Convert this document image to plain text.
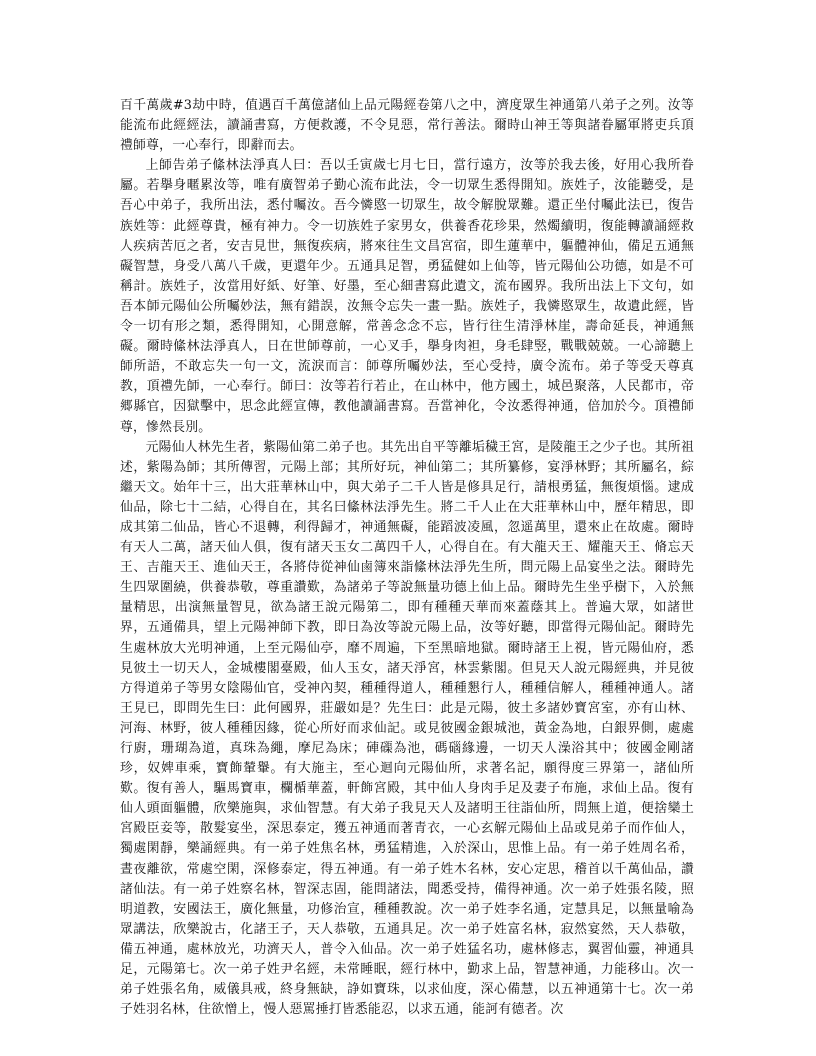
百千萬歲#3劫中時，值遇百千萬億諸仙上品元陽經卷第八之中，濟度眾生神通第八弟子之列。汝等能流布此經經法，讀誦書寫，方便救護，不令見惡，常行善法。爾時山神王等與諸眷屬軍將吏兵頂禮師尊，一心奉行，即辭而去。

上師告弟子絛林法淨真人曰：吾以壬寅歲七月七日，當行遠方，汝等於我去後，好用心我所眷屬。若擧身暱累汝等，唯有廣智弟子勤心流布此法，令一切眾生悉得開知。族姓子，汝能聽受，是吾心中弟子，我所出法，悉付囑汝。吾今憐愍一切眾生，故令解脫眾難。還正坐付囑此法已，復告族姓等：此經尊貴，極有神力。令一切族姓子家男女，供養香花珍果，然燭續明，復能轉讀誦經救人疾病苦厄之者，安吉見世，無復疾病，將來往生文昌宮宿，即生蓮華中，軀體神仙，備足五通無礙智慧，身受八萬八千歲，更還年少。五通具足智，勇猛健如上仙等，皆元陽仙公功德，如是不可稱計。族姓子，汝當用好紙、好筆、好墨，至心細書寫此遺文，流布國界。我所出法上下文句，如吾本師元陽仙公所囑妙法，無有錯誤，汝無令忘失一畫一點。族姓子，我憐愍眾生，故遺此經，皆令一切有形之類，悉得開知，心開意解，常善念念不忘，皆行往生清淨林崖，壽命延長，神通無礙。爾時絛林法淨真人，日在世師尊前，一心叉手，擧身肉袒，身毛肆竪，戰戰兢兢。一心諦聽上師所語，不敢忘失一句一文，流淚而言：師尊所囑妙法，至心受持，廣令流布。弟子等受天尊真教，頂禮先師，一心奉行。師曰：汝等若行若止，在山林中，他方國土，城邑聚落，人民都市，帝郷縣官，因獄擊中，思念此經宣傳，教他讀誦書寫。吾當神化，令汝悉得神通，倍加於今。頂禮師尊，慘然長別。

元陽仙人林先生者，紫陽仙第二弟子也。其先出自平等離垢穢王宮，是陵龍王之少子也。其所祖述，紫陽為師；其所傳習，元陽上部；其所好玩，神仙第二；其所纂修，宴淨林野；其所屬名，綜繼天文。始年十三，出大莊華林山中，與大弟子二千人皆是修具足行，請根勇猛，無復煩惱。逮成仙品，除七十二結，心得自在，其名曰絛林法淨先生。將二千人止在大莊華林山中，歷年精思，即成其第二仙品，皆心不退轉，利得歸才，神通無礙，能蹈波凌風，忽遥萬里，還來止在故處。爾時有天人二萬，諸天仙人俱，復有諸天玉女二萬四千人，心得自在。有大龍天王、耀龍天王、脩忘天王、吉龍天王、進仙天王，各將侍從神仙鹵簿來詣絛林法淨先生所，問元陽上品宴坐之法。爾時先生四眾圍繞，供養恭敬，尊重讚歎，為諸弟子等說無量功德上仙上品。爾時先生坐乎樹下，入於無量精思，出演無量智見，欲為諸王說元陽第二，即有種種天華而來蓋蔭其上。普遍大眾，如諸世界，五通備具，望上元陽神師下教，即日為汝等說元陽上品，汝等好聽，即當得元陽仙記。爾時先生處林放大光明神通，上至元陽仙亭，靡不周遍，下至黑暗地獄。爾時諸王上視，皆元陽仙府，悉見彼土一切天人，金城樓閣臺殿，仙人玉女，諸天淨宮，林雲紫閣。但見天人說元陽經典，并見彼方得道弟子等男女陰陽仙官，受神內契，種種得道人，種種懇行人，種種信解人，種種神通人。諸王見已，即問先生曰：此何國界，莊嚴如是？先生曰：此是元陽，彼土多諸妙寶宮室，亦有山林、河海、林野，彼人種種因緣，從心所好而求仙記。或見彼國金銀城池，黃金為地，白銀界側，處處行廚，珊瑚為道，真珠為繩，摩尼為床；硨磲為池，碼碯緣邊，一切天人澡浴其中；彼國金剛諸珍，奴婢車乘，寶飾輦轝。有大施主，至心迴向元陽仙所，求著名記，願得度三界第一，諸仙所歎。復有善人，驅馬寶車，欄楯華蓋，軒飾宮殿，其中仙人身肉手足及妻子布施，求仙上品。復有仙人頭面軀體，欣樂施與，求仙智慧。有大弟子我見天人及諸明王往詣仙所，問無上道，便捨欒土宮殿臣妾等，散髮宴坐，深思泰定，獲五神通而著青衣，一心玄解元陽仙上品或見弟子而作仙人，獨處閑靜，樂誦經典。有一弟子姓焦名林，勇猛精進，入於深山，思惟上品。有一弟子姓周名希，晝夜離欲，常處空閑，深修泰定，得五神通。有一弟子姓木名林，安心定思，稽首以千萬仙品，讚諸仙法。有一弟子姓察名林，智深志固，能問諸法，聞悉受持，備得神通。次一弟子姓張名陵，照明道教，安國法王，廣化無量，功修治宣，種種教說。次一弟子姓李名通，定慧具足，以無量喻為眾講法，欣樂說古，化諸王子，天人恭敬，五通具足。次一弟子姓富名林，寂然宴然，天人恭敬，備五神通，處林放光，功濟天人，普令入仙品。次一弟子姓猛名功，處林修志，翼習仙靈，神通具足，元陽第七。次一弟子姓尹名經，未常睡眠，經行林中，勤求上品，智慧神通，力能移山。次一弟子姓張名角，威儀具戒，終身無缺，諍如寶珠，以求仙度，深心備慧，以五神通第十七。次一弟子姓羽名林，住欲憎上，慢人惡罵捶打皆悉能忍，以求五通，能訶有德者。次
